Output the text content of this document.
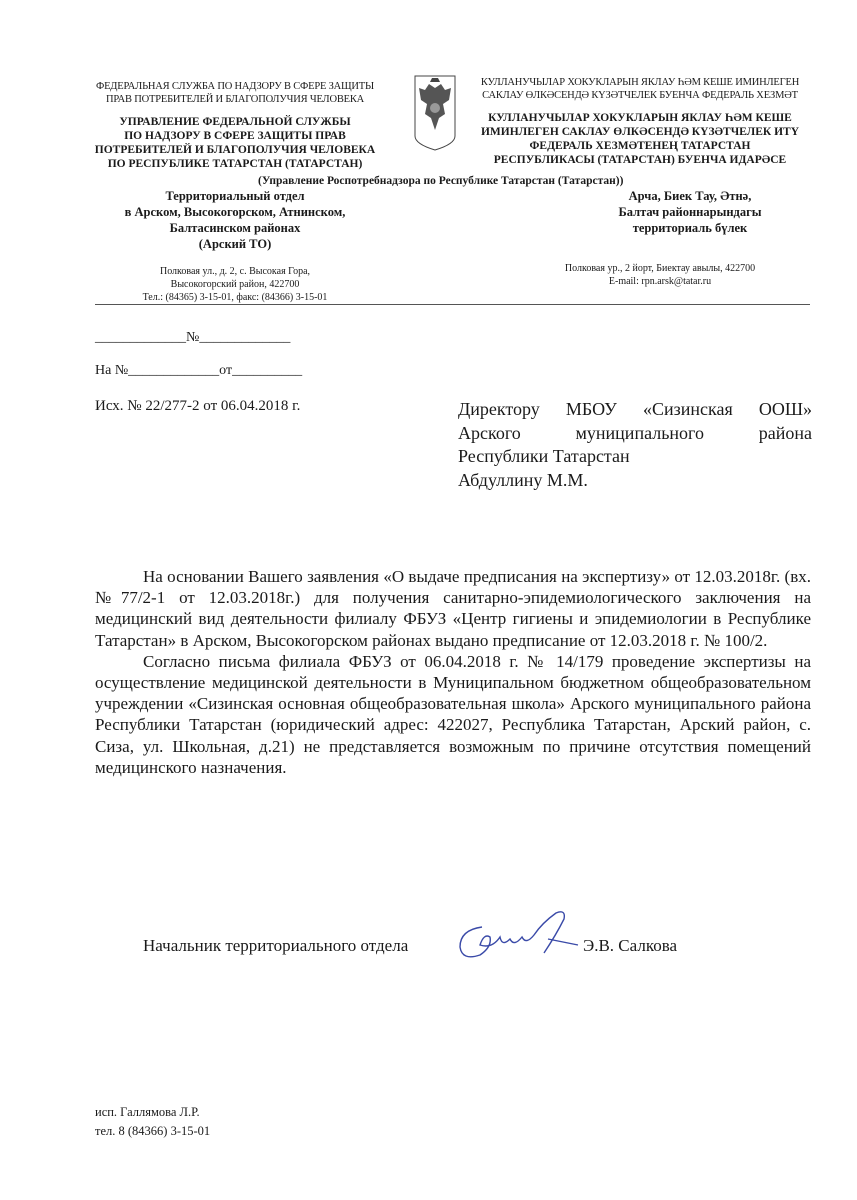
ФЕДЕРАЛЬНАЯ СЛУЖБА ПО НАДЗОРУ В СФЕРЕ ЗАЩИТЫ
ПРАВ ПОТРЕБИТЕЛЕЙ И БЛАГОПОЛУЧИЯ ЧЕЛОВЕКА
УПРАВЛЕНИЕ ФЕДЕРАЛЬНОЙ СЛУЖБЫ
ПО НАДЗОРУ В СФЕРЕ ЗАЩИТЫ ПРАВ
ПОТРЕБИТЕЛЕЙ И БЛАГОПОЛУЧИЯ ЧЕЛОВЕКА
ПО РЕСПУБЛИКЕ ТАТАРСТАН (ТАТАРСТАН)
Территориальный отдел
в Арском, Высокогорском, Атнинском,
Балтасинском районах
(Арский ТО)
Полковая ул., д. 2, с. Высокая Гора,
Высокогорский район, 422700
Тел.: (84365) 3-15-01, факс: (84366) 3-15-01
(Управление Роспотребнадзора по Республике Татарстан (Татарстан))
КУЛЛАНУЧЫЛАР ХОКУКЛАРЫН ЯКЛАУ ҺӘМ КЕШЕ ИМИНЛЕГЕН
САКЛАУ ӨЛКӘСЕНДӘ КҮЗӘТЧЕЛЕК БУЕНЧА ФЕДЕРАЛЬ ХЕЗМӘТ
КУЛЛАНУЧЫЛАР ХОКУКЛАРЫН ЯКЛАУ ҺӘМ КЕШЕ
ИМИНЛЕГЕН САКЛАУ ӨЛКӘСЕНДӘ КҮЗӘТЧЕЛЕК ИТҮ
ФЕДЕРАЛЬ ХЕЗМӘТЕНЕҢ ТАТАРСТАН
РЕСПУБЛИКАСЫ (ТАТАРСТАН) БУЕНЧА ИДАРӘСЕ
Арча, Биек Тау, Әтнә,
Балтач районнарындагы
территориаль бүлек
Полковая ур., 2 йорт, Биектау авылы, 422700
E-mail: rpn.arsk@tatar.ru
_____________№_____________
На №_____________от__________
Исх. № 22/277-2 от 06.04.2018 г.	Директору МБОУ «Сизинская ООШ»
Арского муниципального района
Республики Татарстан
Абдуллину М.М.

На основании Вашего заявления «О выдаче предписания на экспертизу» от 12.03.2018г. (вх.№77/2-1 от 12.03.2018г.) для получения санитарно-эпидемиологического заключения на медицинский вид деятельности филиалу ФБУЗ «Центр гигиены и эпидемиологии в Республике Татарстан» в Арском, Высокогорском районах выдано предписание от 12.03.2018 г. № 100/2.

Согласно письма филиала ФБУЗ от 06.04.2018 г. № 14/179 проведение экспертизы на осуществление медицинской деятельности в Муниципальном бюджетном общеобразовательном учреждении «Сизинская основная общеобразовательная школа» Арского муниципального района Республики Татарстан (юридический адрес: 422027, Республика Татарстан, Арский район, с. Сиза, ул. Школьная, д.21) не представляется возможным по причине отсутствия помещений медицинского назначения.

Начальник территориального отдела	Э.В. Салкова
исп. Галлямова Л.Р.
тел. 8 (84366) 3-15-01
